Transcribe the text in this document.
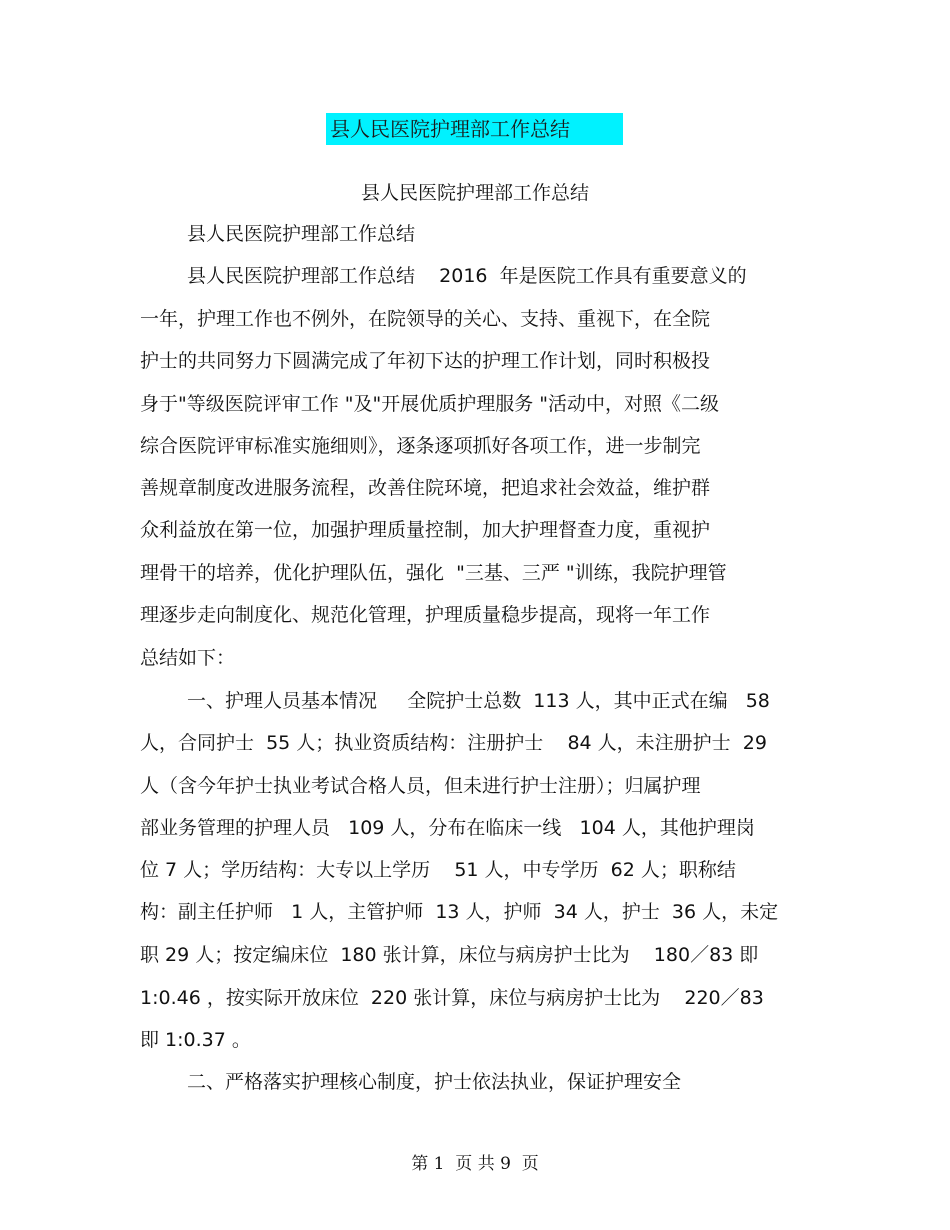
县人民医院护理部工作总结
县人民医院护理部工作总结
县人民医院护理部工作总结
县人民医院护理部工作总结    2016  年是医院工作具有重要意义的
一年，护理工作也不例外，在院领导的关心、支持、重视下，在全院
护士的共同努力下圆满完成了年初下达的护理工作计划，同时积极投
身于"等级医院评审工作 "及"开展优质护理服务 "活动中，对照《二级
综合医院评审标准实施细则》，逐条逐项抓好各项工作，进一步制完
善规章制度改进服务流程，改善住院环境，把追求社会效益，维护群
众利益放在第一位，加强护理质量控制，加大护理督查力度，重视护
理骨干的培养，优化护理队伍，强化  "三基、三严 "训练，我院护理管
理逐步走向制度化、规范化管理，护理质量稳步提高，现将一年工作
总结如下：
一、护理人员基本情况     全院护士总数  113 人，其中正式在编   58
人，合同护士  55 人；执业资质结构：注册护士    84 人，未注册护士  29
人（含今年护士执业考试合格人员，但未进行护士注册）；归属护理
部业务管理的护理人员   109 人，分布在临床一线   104 人，其他护理岗
位 7 人；学历结构：大专以上学历    51 人，中专学历  62 人；职称结
构：副主任护师   1 人，主管护师  13 人，护师  34 人，护士  36 人，未定
职 29 人；按定编床位  180 张计算，床位与病房护士比为    180／83 即
1:0.46 ，按实际开放床位  220 张计算，床位与病房护士比为    220／83
即 1:0.37 。
二、严格落实护理核心制度，护士依法执业，保证护理安全
第 1  页 共 9  页
